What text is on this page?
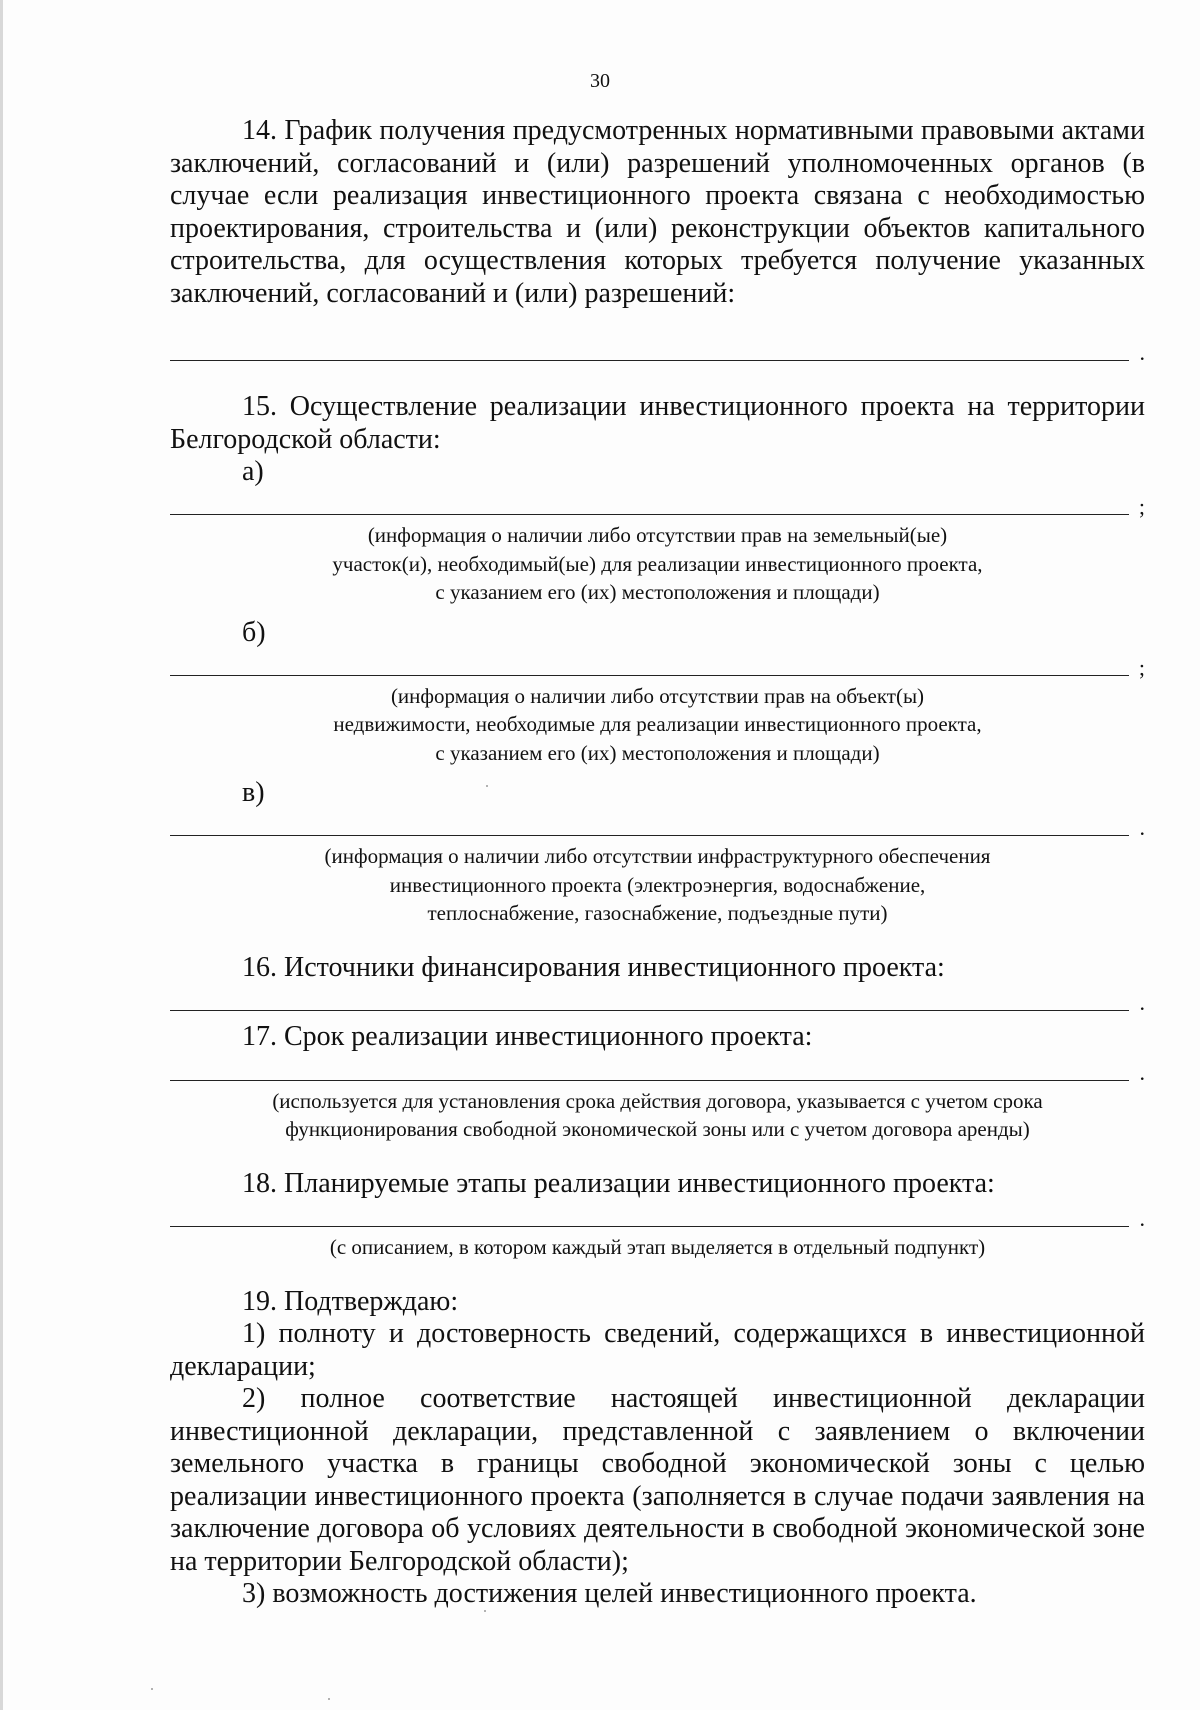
30

14. График получения предусмотренных нормативными правовыми актами заключений, согласований и (или) разрешений уполномоченных органов (в случае если реализация инвестиционного проекта связана с необходимостью проектирования, строительства и (или) реконструкции объектов капитального строительства, для осуществления которых требуется получение указанных заключений, согласований и (или) разрешений:

.

15. Осуществление реализации инвестиционного проекта на территории Белгородской области:

а)

;
(информация о наличии либо отсутствии прав на земельный(ые)
участок(и), необходимый(ые) для реализации инвестиционного проекта,
с указанием его (их) местоположения и площади)

б)

;
(информация о наличии либо отсутствии прав на объект(ы)
недвижимости, необходимые для реализации инвестиционного проекта,
с указанием его (их) местоположения и площади)

в)

.
(информация о наличии либо отсутствии инфраструктурного обеспечения
инвестиционного проекта (электроэнергия, водоснабжение,
теплоснабжение, газоснабжение, подъездные пути)

16. Источники финансирования инвестиционного проекта:

.

17. Срок реализации инвестиционного проекта:

.
(используется для установления срока действия договора, указывается с учетом срока
функционирования свободной экономической зоны или с учетом договора аренды)

18. Планируемые этапы реализации инвестиционного проекта:

.
(с описанием, в котором каждый этап выделяется в отдельный подпункт)

19. Подтверждаю:

1) полноту и достоверность сведений, содержащихся в инвестиционной декларации;

2) полное соответствие настоящей инвестиционной декларации инвестиционной декларации, представленной с заявлением о включении земельного участка в границы свободной экономической зоны с целью реализации инвестиционного проекта (заполняется в случае подачи заявления на заключение договора об условиях деятельности в свободной экономической зоне на территории Белгородской области);

3) возможность достижения целей инвестиционного проекта.
